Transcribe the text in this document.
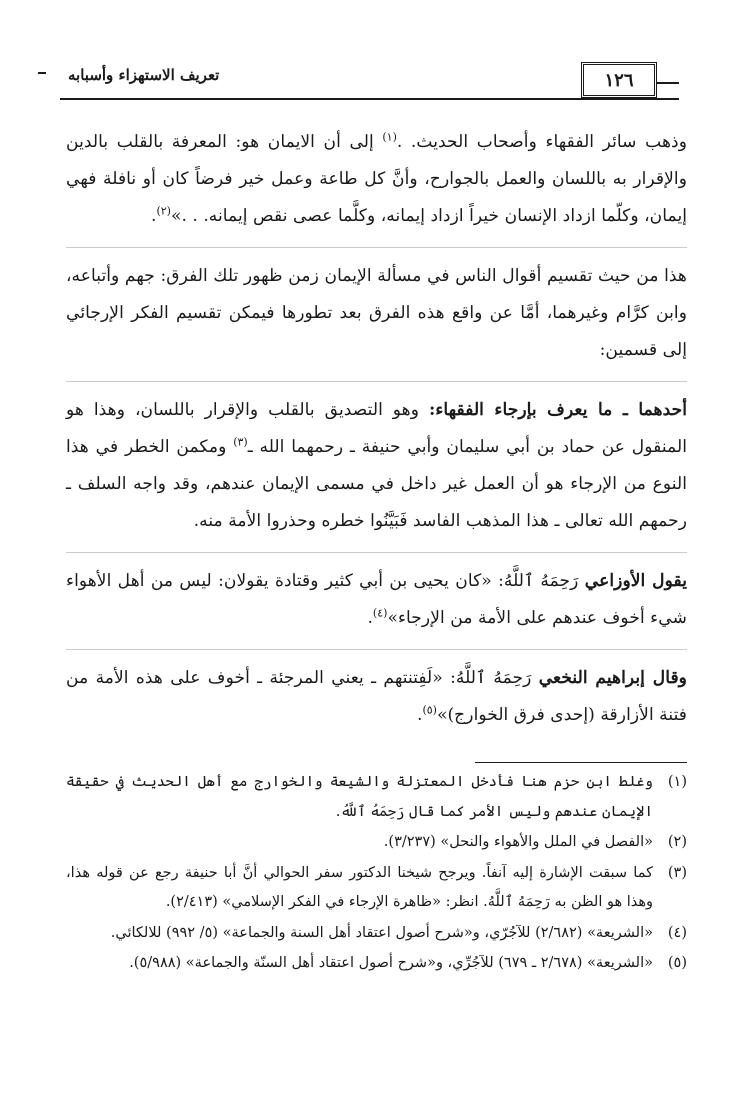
تعريف الاستهزاء وأسبابه	١٢٦

وذهب سائر الفقهاء وأصحاب الحديث. .$^{(١)}$ إلى أن الايمان هو: المعرفة بالقلب بالدين والإقرار به باللسان والعمل بالجوارح، وأنَّ كل طاعة وعمل خير فرضاً كان أو نافلة فهي إيمان، وكلّما ازداد الإنسان خيراً ازداد إيمانه، وكلَّما عصى نقص إيمانه. . .»$^{(٢)}$.

هذا من حيث تقسيم أقوال الناس في مسألة الإيمان زمن ظهور تلك الفرق: جهم وأتباعه، وابن كرَّام وغيرهما، أمَّا عن واقع هذه الفرق بعد تطورها فيمكن تقسيم الفكر الإرجائي إلى قسمين:

أحدهما ـ ما يعرف بإرجاء الفقهاء: وهو التصديق بالقلب والإقرار باللسان، وهذا هو المنقول عن حماد بن أبي سليمان وأبي حنيفة ـ رحمهما الله ـ$^{(٣)}$ ومكمن الخطر في هذا النوع من الإرجاء هو أن العمل غير داخل في مسمى الإيمان عندهم، وقد واجه السلف ـ رحمهم الله تعالى ـ هذا المذهب الفاسد فَبَيَّنُوا خطره وحذروا الأمة منه.

يقول الأوزاعي رَحِمَهُ ٱللَّهُ: «كان يحيى بن أبي كثير وقتادة يقولان: ليس من أهل الأهواء شيء أخوف عندهم على الأمة من الإرجاء»$^{(٤)}$.

وقال إبراهيم النخعي رَحِمَهُ ٱللَّهُ: «لَفِتنتهم ـ يعني المرجئة ـ أخوف على هذه الأمة من فتنة الأزارقة (إحدى فرق الخوارج)»$^{(٥)}$.

(١)
وغلط ابن حزم هنا فأدخل المعتزلة والشيعة والخوارج مع أهل الحديث في حقيقة الإيمان عندهم وليس الأمر كما قال رَحِمَهُ ٱللَّهُ.
(٢)
«الفصل في الملل والأهواء والنحل» (٣/٢٣٧).
(٣)
كما سبقت الإشارة إليه آنفاً. ويرجح شيخنا الدكتور سفر الحوالي أنَّ أبا حنيفة رجع عن قوله هذا، وهذا هو الظن به رَحِمَهُ ٱللَّهُ. انظر: «ظاهرة الإرجاء في الفكر الإسلامي» (٢/٤١٣).
(٤)
«الشريعة» (٢/٦٨٢) للآجُرّي، و«شرح أصول اعتقاد أهل السنة والجماعة» (٥/ ٩٩٢) للالكائي.
(٥)
«الشريعة» (٢/٦٧٨ ـ ٦٧٩) للآجُرِّي، و«شرح أصول اعتقاد أهل السنّة والجماعة» (٥/٩٨٨).
